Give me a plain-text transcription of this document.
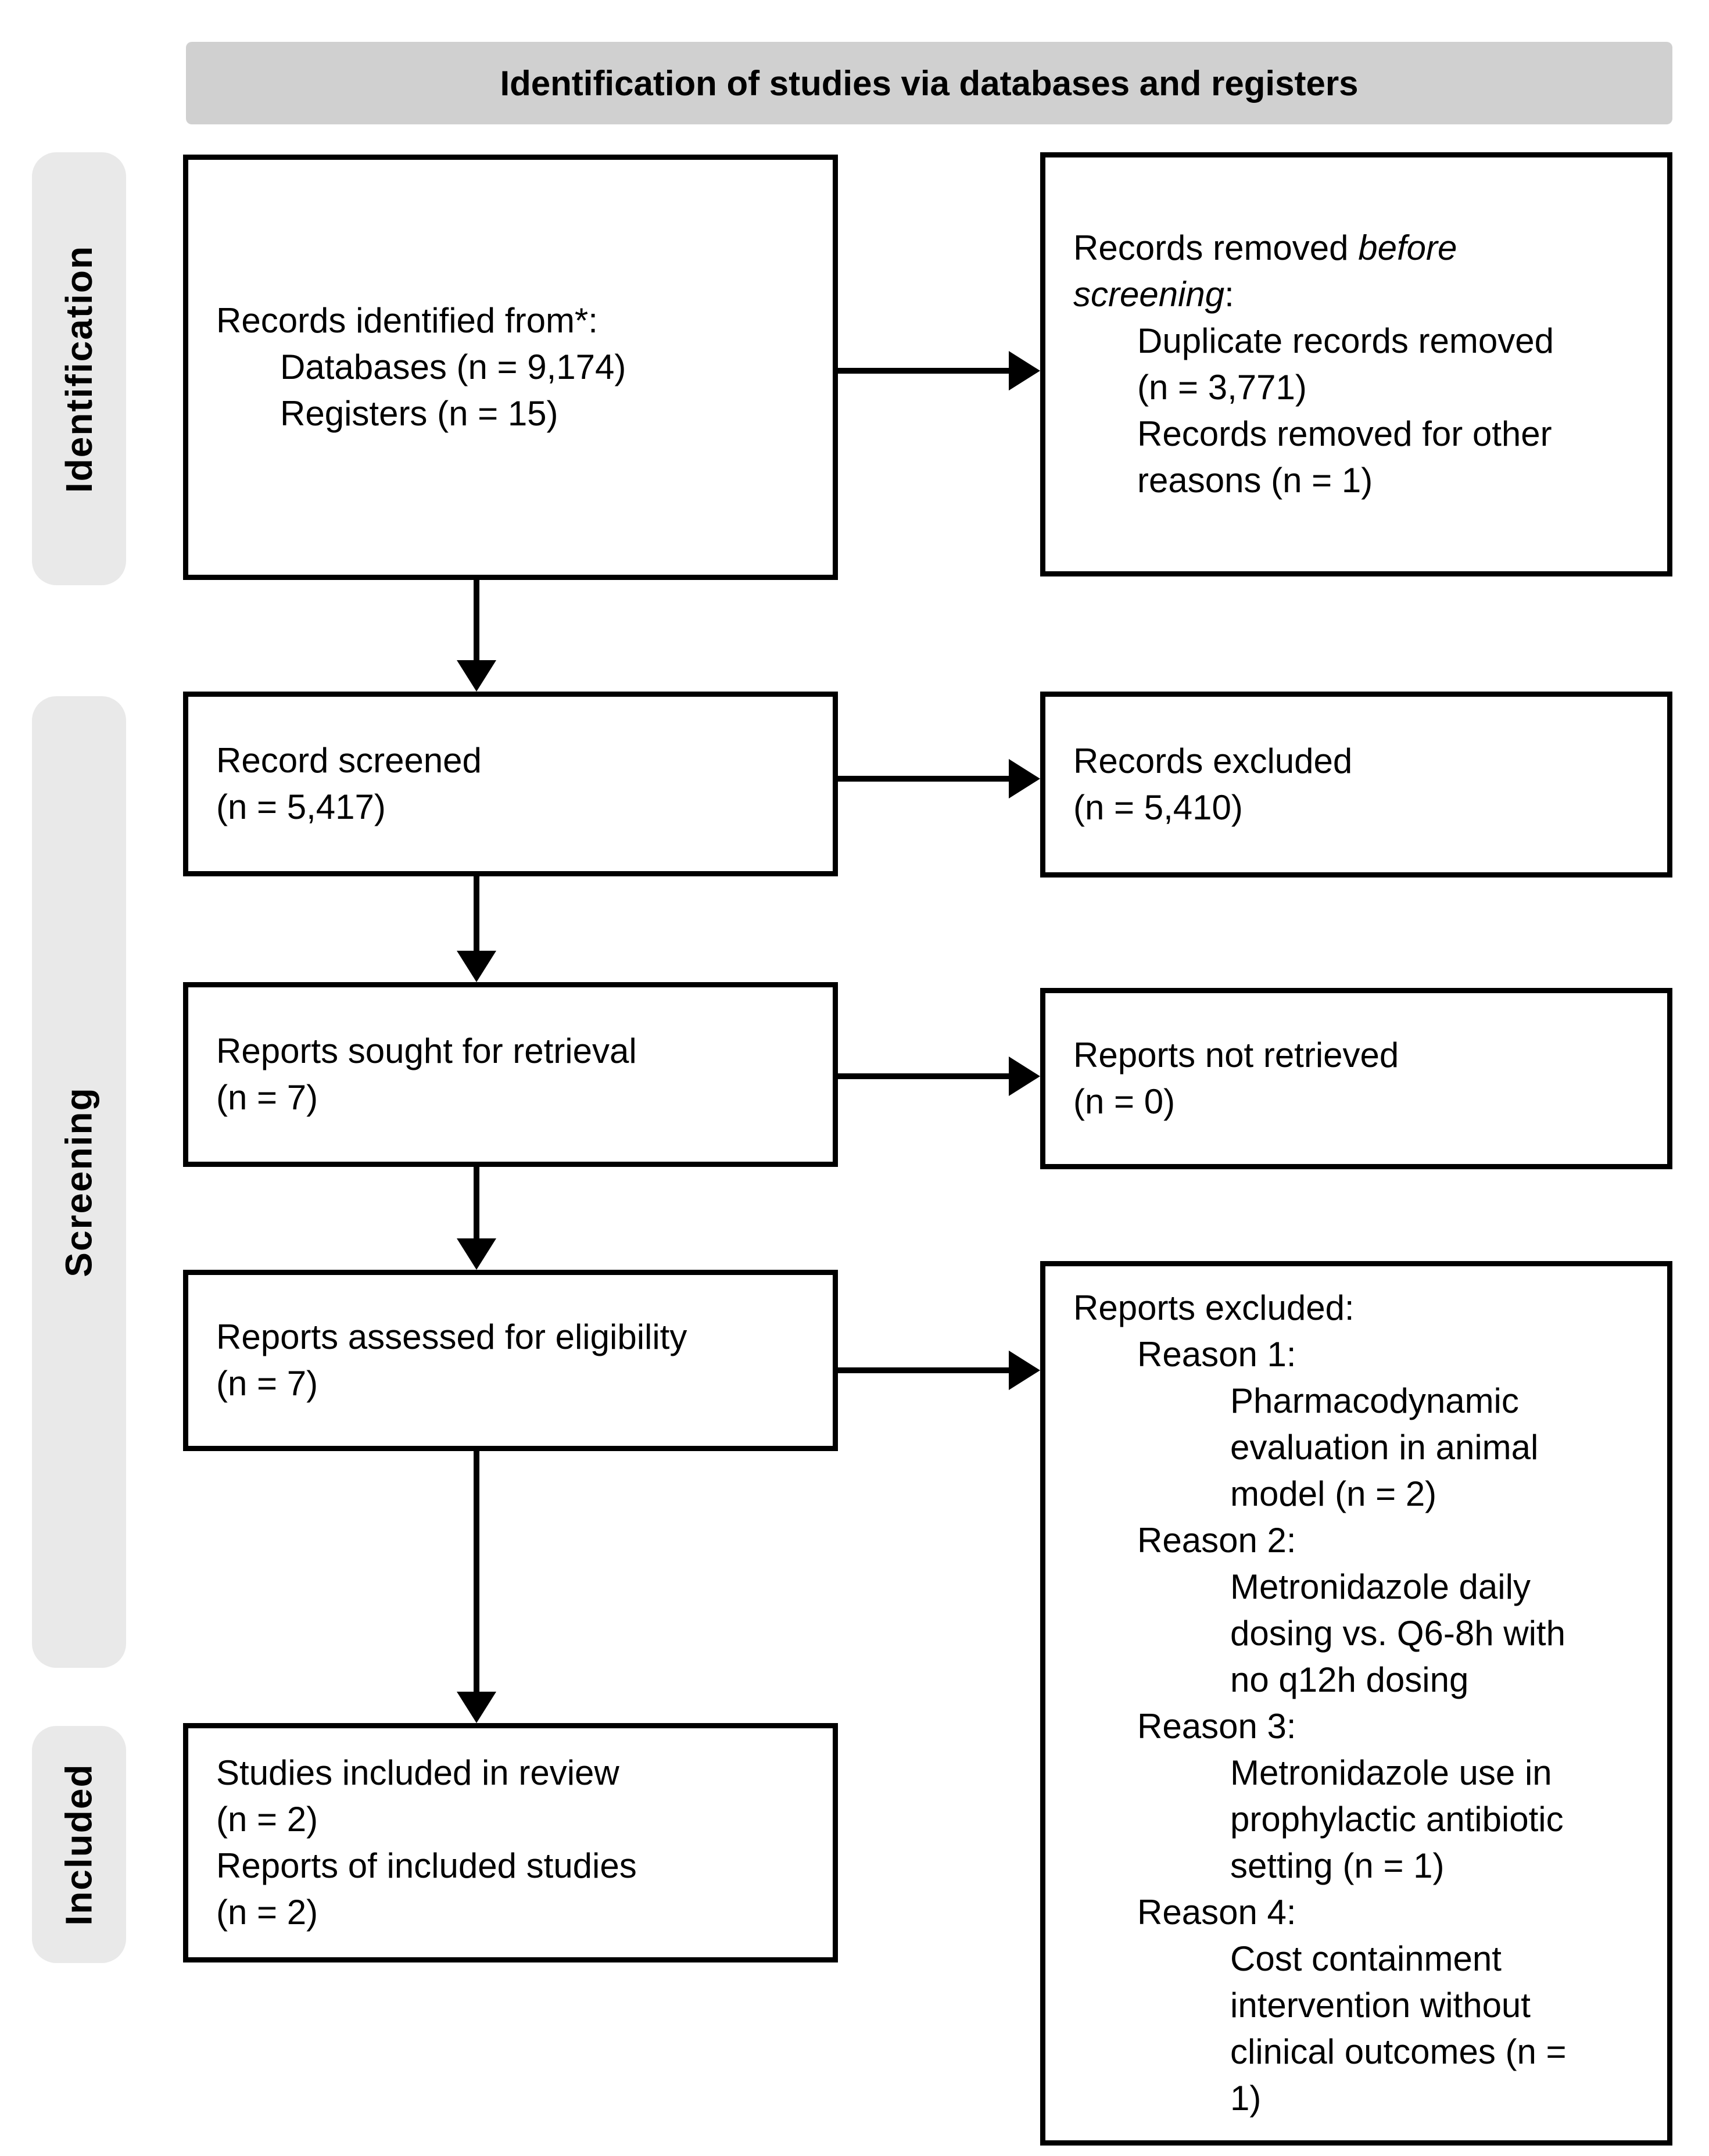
Identification of studies via databases and registers
Identification
Screening
Included
Records identified from*:
Databases (n = 9,174)
Registers (n = 15)
Record screened
(n = 5,417)
Reports sought for retrieval
(n = 7)
Reports assessed for eligibility
(n = 7)
Studies included in review
(n = 2)
Reports of included studies
(n = 2)
Records removed before
screening:
Duplicate records removed
(n = 3,771)
Records removed for other
reasons (n = 1)
Records excluded
(n = 5,410)
Reports not retrieved
(n = 0)
Reports excluded:
Reason 1:
Pharmacodynamic
evaluation in animal
model (n = 2)
Reason 2:
Metronidazole daily
dosing vs. Q6-8h with
no q12h dosing
Reason 3:
Metronidazole use in
prophylactic antibiotic
setting (n = 1)
Reason 4:
Cost containment
intervention without
clinical outcomes (n =
1)
